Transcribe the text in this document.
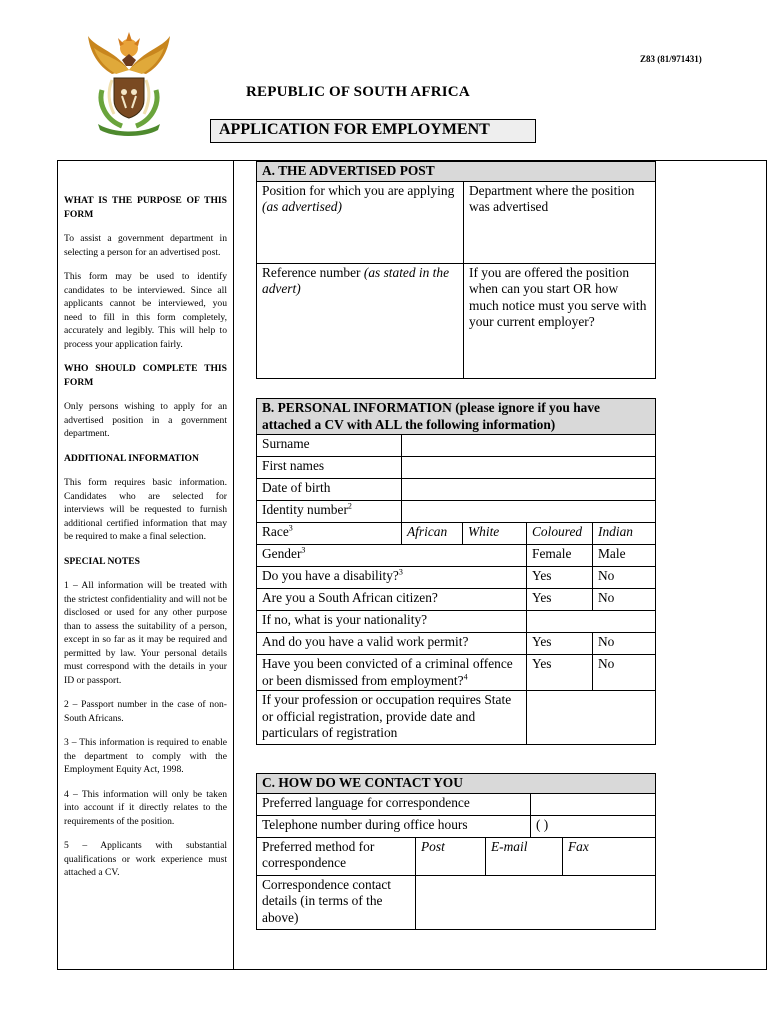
Z83 (81/971431)
REPUBLIC OF SOUTH AFRICA
APPLICATION FOR EMPLOYMENT

WHAT IS THE PURPOSE OF THIS FORM

To assist a government department in selecting a person for an advertised post.

This form may be used to identify candidates to be interviewed. Since all applicants cannot be interviewed, you need to fill in this form completely, accurately and legibly. This will help to process your application fairly.

WHO SHOULD COMPLETE THIS FORM

Only persons wishing to apply for an advertised position in a government department.

ADDITIONAL INFORMATION

This form requires basic information. Candidates who are selected for interviews will be requested to furnish additional certified information that may be required to make a final selection.

SPECIAL NOTES

1 – All information will be treated with the strictest confidentiality and will not be disclosed or used for any other purpose than to assess the suitability of a person, except in so far as it may be required and permitted by law. Your personal details must correspond with the details in your ID or passport.

2 – Passport number in the case of non-South Africans.

3 – This information is required to enable the department to comply with the Employment Equity Act, 1998.

4 – This information will only be taken into account if it directly relates to the requirements of the position.

5 – Applicants with substantial qualifications or work experience must attached a CV.

A. THE ADVERTISED POST	
Position for which you are applying (as advertised)	Department where the position was advertised
Reference number (as stated in the advert)	If you are offered the position when can you start OR how much notice must you serve with your current employer?
B. PERSONAL INFORMATION (please ignore if you have attached a CV with ALL the following information)				
Surname				
First names				
Date of birth				
Identity number$^2$	
Race$^3$	African	White	Coloured	Indian
Gender$^3$			Female	Male
Do you have a disability?$^3$			Yes	No
Are you a South African citizen?			Yes	No
If no, what is your nationality?				
And do you have a valid work permit?			Yes	No
Have you been convicted of a criminal offence or been dismissed from employment?$^4$			Yes	No
If your profession or occupation requires State or official registration, provide date and particulars of registration				
C. HOW DO WE CONTACT YOU				
Preferred language for correspondence				
Telephone number during office hours			( )	
Preferred method for correspondence	Post	E-mail		Fax
Correspondence contact details (in terms of the above)				
